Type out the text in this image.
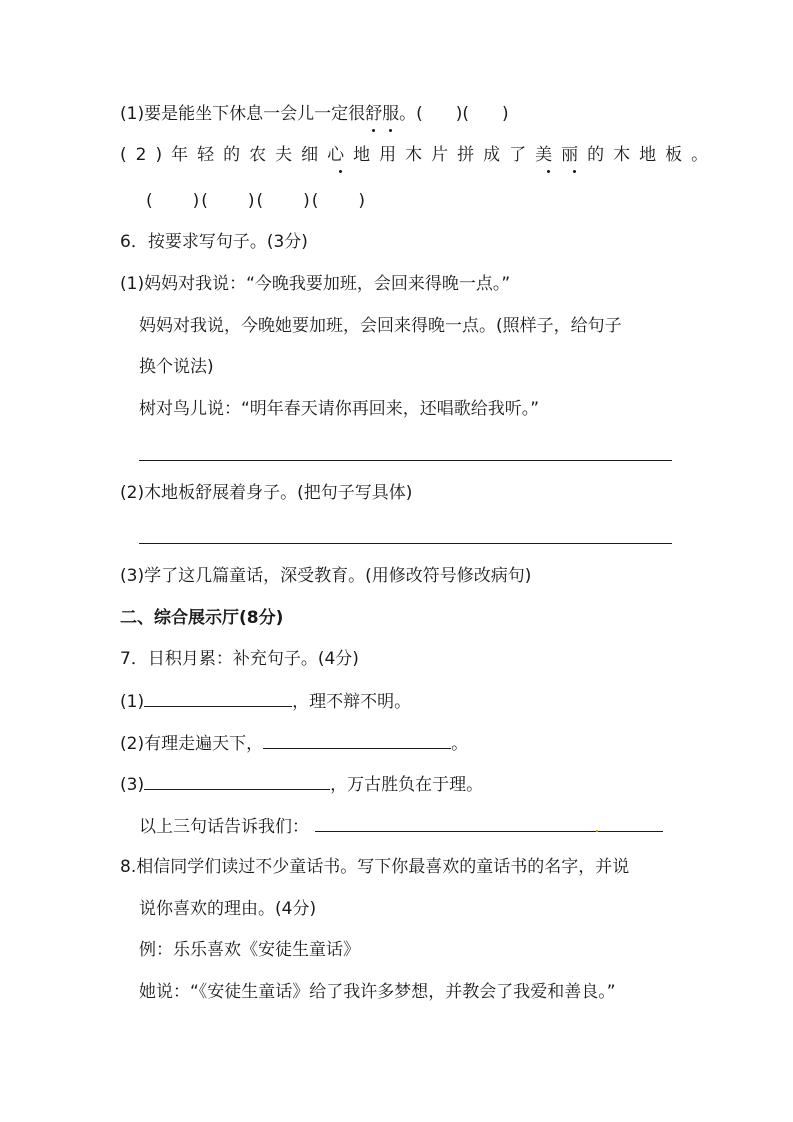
(1)要是能坐下休息一会儿一定很舒服。( )( )
(2)年轻的农夫细心地用木片拼成了美丽的木地板。
(　　)(　　)(　　)(　　)
6．按要求写句子。(3分)
(1)妈妈对我说：“今晚我要加班，会回来得晚一点。”
妈妈对我说，今晚她要加班，会回来得晚一点。(照样子，给句子
换个说法)
树对鸟儿说：“明年春天请你再回来，还唱歌给我听。”
(2)木地板舒展着身子。(把句子写具体)
(3)学了这几篇童话，深受教育。(用修改符号修改病句)
二、综合展示厅(8分)
7．日积月累：补充句子。(4分)
(1)	，理不辩不明。
(2)有理走遍天下，	。
(3)	，万古胜负在于理。
以上三句话告诉我们：
8.相信同学们读过不少童话书。写下你最喜欢的童话书的名字，并说
说你喜欢的理由。(4分)
例：乐乐喜欢《安徒生童话》
她说：“《安徒生童话》给了我许多梦想，并教会了我爱和善良。”
